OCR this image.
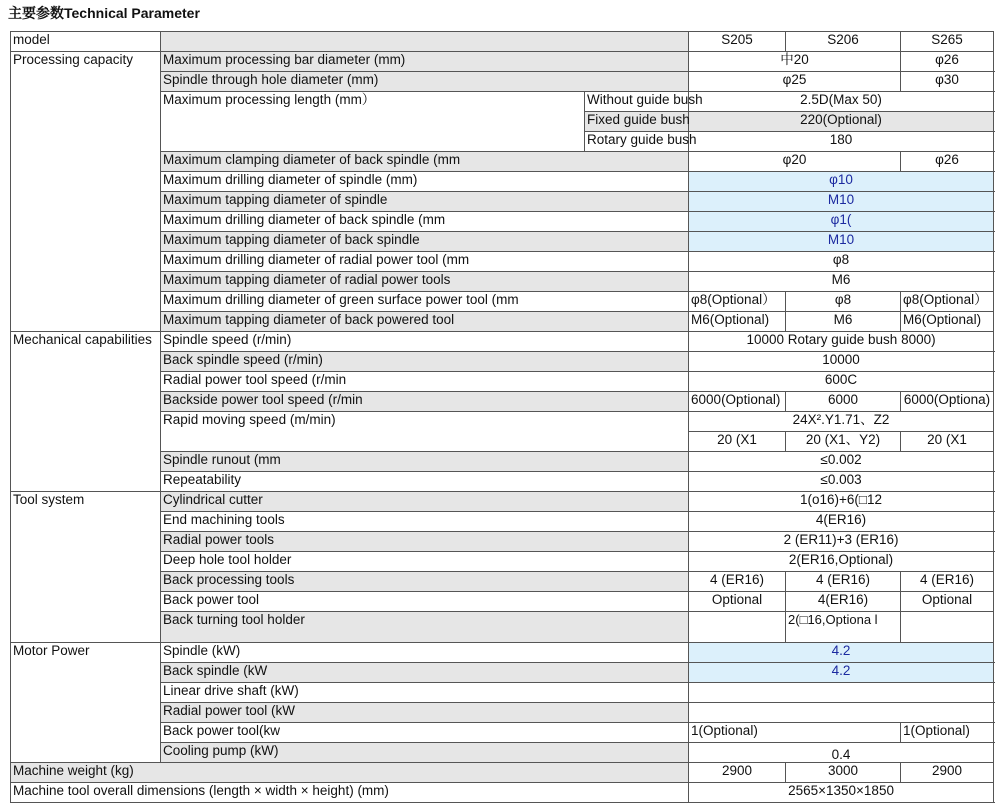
主要参数Technical Parameter
model			S205	S206	S265	
Processing capacity	Maximum processing bar diameter (mm)		中20		φ26	
	Spindle through hole diameter (mm)		φ25		φ30	
	Maximum processing length (mm）	Without guide bush	2.5D(Max 50)			
		Fixed guide bush	220(Optional)			
		Rotary guide bush	180			
	Maximum clamping diameter of back spindle (mm		φ20		φ26	
	Maximum drilling diameter of spindle (mm)		φ10			
	Maximum tapping diameter of spindle		M10			
	Maximum drilling diameter of back spindle (mm		φ1(			
	Maximum tapping diameter of back spindle		M10			
	Maximum drilling diameter of radial power tool (mm		φ8			
	Maximum tapping diameter of radial power tools		M6			
	Maximum drilling diameter of green surface power tool (mm		φ8(Optional）	φ8	φ8(Optional）	
	Maximum tapping diameter of back powered tool		M6(Optional)	M6	M6(Optional)	
Mechanical capabilities	Spindle speed (r/min)		10000 Rotary guide bush 8000)			
	Back spindle speed (r/min)		10000			
	Radial power tool speed (r/min		600C			
	Backside power tool speed (r/min		6000(Optional)	6000	6000(Optiona)	
	Rapid moving speed (m/min)		24X².Y1.71、Z2			
			20 (X1	20 (X1、Y2)	20 (X1	
	Spindle runout (mm		≤0.002			
	Repeatability		≤0.003			
Tool system	Cylindrical cutter		1(o16)+6(□12			
	End machining tools		4(ER16)			
	Radial power tools		2 (ER11)+3 (ER16)			
	Deep hole tool holder		2(ER16,Optional)			
	Back processing tools		4 (ER16)	4 (ER16)	4 (ER16)	
	Back power tool		Optional	4(ER16)	Optional	
	Back turning tool holder			2(□16,Optiona l		
Motor Power	Spindle (kW)		4.2			
	Back spindle (kW		4.2			
	Linear drive shaft (kW)					
	Radial power tool (kW					
	Back power tool(kw		1(Optional)		1(Optional)	
	Cooling pump (kW)		0.4			
Machine weight (kg)			2900	3000	2900	
Machine tool overall dimensions (length × width × height) (mm)			2565×1350×1850			
